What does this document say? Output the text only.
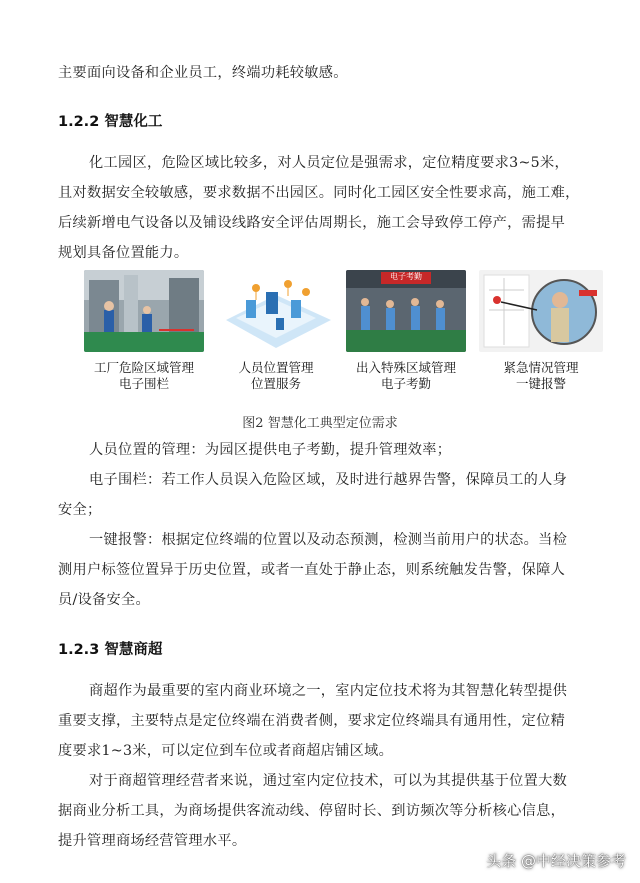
主要面向设备和企业员工，终端功耗较敏感。
1.2.2 智慧化工
化工园区，危险区域比较多，对人员定位是强需求，定位精度要求3~5米，
且对数据安全较敏感，要求数据不出园区。同时化工园区安全性要求高，施工难，
后续新增电气设备以及铺设线路安全评估周期长，施工会导致停工停产，需提早
规划具备位置能力。
电子考勤
工厂危险区域管理
电子围栏
人员位置管理
位置服务
出入特殊区域管理
电子考勤
紧急情况管理
一键报警
图2 智慧化工典型定位需求
人员位置的管理：为园区提供电子考勤，提升管理效率；
电子围栏：若工作人员误入危险区域，及时进行越界告警，保障员工的人身
安全；
一键报警：根据定位终端的位置以及动态预测，检测当前用户的状态。当检
测用户标签位置异于历史位置，或者一直处于静止态，则系统触发告警，保障人
员/设备安全。
1.2.3 智慧商超
商超作为最重要的室内商业环境之一，室内定位技术将为其智慧化转型提供
重要支撑，主要特点是定位终端在消费者侧，要求定位终端具有通用性，定位精
度要求1~3米，可以定位到车位或者商超店铺区域。
对于商超管理经营者来说，通过室内定位技术，可以为其提供基于位置大数
据商业分析工具，为商场提供客流动线、停留时长、到访频次等分析核心信息，
提升管理商场经营管理水平。
头条 @中经决策参考
